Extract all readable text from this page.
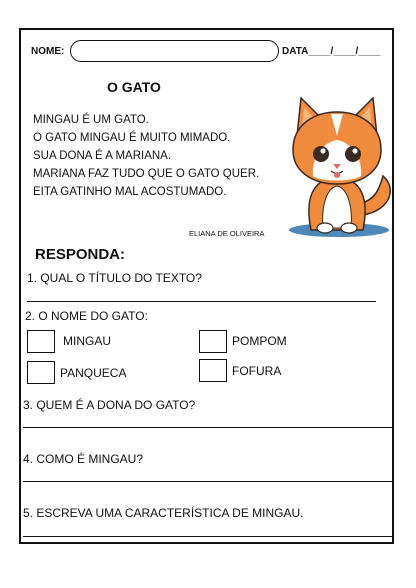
NOME:	DATA____/____/____
O GATO
MINGAU É UM GATO.
O GATO MINGAU É MUITO MIMADO.
SUA DONA É A MARIANA.
MARIANA FAZ TUDO QUE O GATO QUER.
EITA GATINHO MAL ACOSTUMADO.
ELIANA DE OLIVEIRA
RESPONDA:
1. QUAL O TÍTULO DO TEXTO?
2. O NOME DO GATO:
MINGAU	POMPOM
PANQUECA	FOFURA
3. QUEM É A DONA DO GATO?
4. COMO É MINGAU?
5. ESCREVA UMA CARACTERÍSTICA DE MINGAU.
